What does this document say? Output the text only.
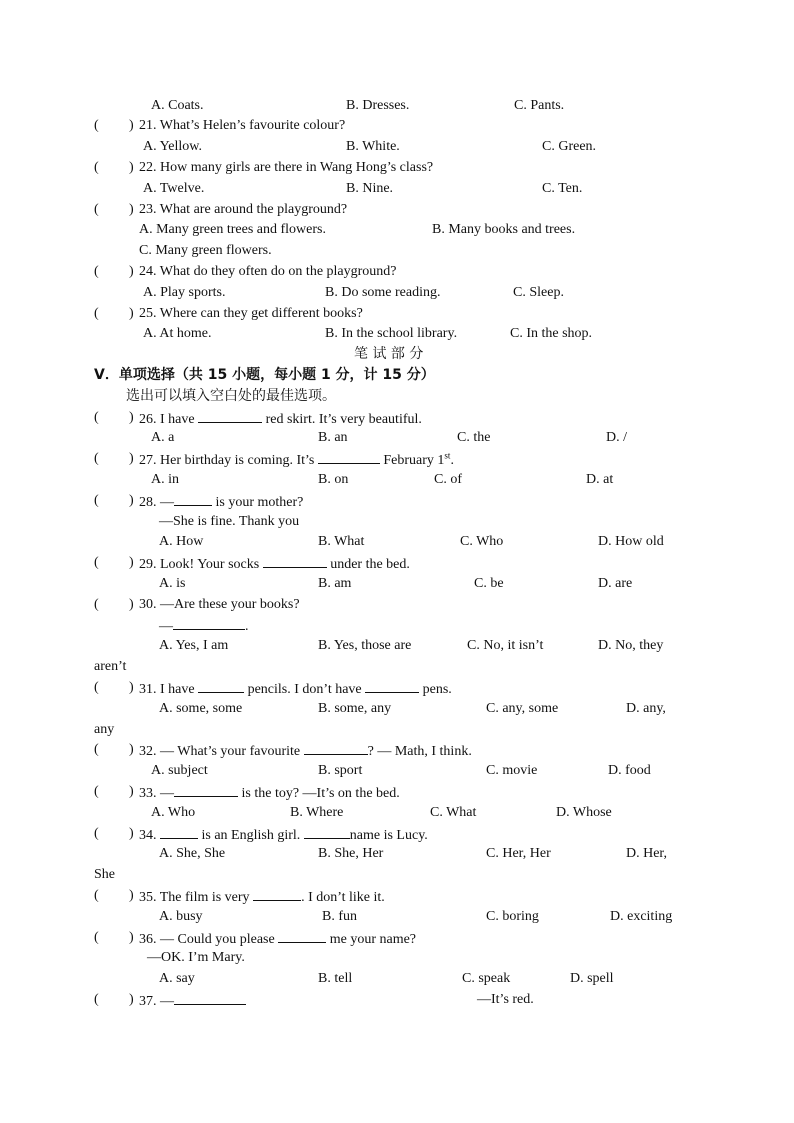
A. Coats.	B. Dresses.	C. Pants.
( ) 21. What’s Helen’s favourite colour?
A. Yellow.	B. White.	C. Green.
( ) 22. How many girls are there in Wang Hong’s class?
A. Twelve.	B. Nine.	C. Ten.
( ) 23. What are around the playground?
A. Many green trees and flowers.	B. Many books and trees.
C. Many green flowers.
( ) 24. What do they often do on the playground?
A. Play sports.	B. Do some reading.	C. Sleep.
( ) 25. Where can they get different books?
A. At home.	B. In the school library.	C. In the shop.
笔 试 部 分
V．单项选择（共 15 小题，每小题 1 分，计 15 分）
选出可以填入空白处的最佳选项。
( ) 26. I have	red skirt. It’s very beautiful.
A. a	B. an	C. the	D. /
( ) 27. Her birthday is coming. It’s	February 1st.
A. in	B. on	C. of	D. at
( ) 28. —	is your mother?
—She is fine. Thank you
A. How	B. What	C. Who	D. How old
( ) 29. Look! Your socks	under the bed.
A. is	B. am	C. be	D. are
( ) 30. —Are these your books?
—	.
A. Yes, I am	B. Yes, those are	C. No, it isn’t	D. No, they
aren’t
( ) 31. I have	pencils. I don’t have	pens.
A. some, some	B. some, any	C. any, some	D. any,
any
( ) 32. — What’s your favourite	? — Math, I think.
A. subject	B. sport	C. movie	D. food
( ) 33. —	is the toy? —It’s on the bed.
A. Who	B. Where	C. What	D. Whose
( ) 34.	is an English girl.	name is Lucy.
A. She, She	B. She, Her	C. Her, Her	D. Her,
She
( ) 35. The film is very	. I don’t like it.
A. busy	B. fun	C. boring	D. exciting
( ) 36. — Could you please	me your name?
—OK. I’m Mary.
A. say	B. tell	C. speak	D. spell
( ) 37. —	—It’s red.
